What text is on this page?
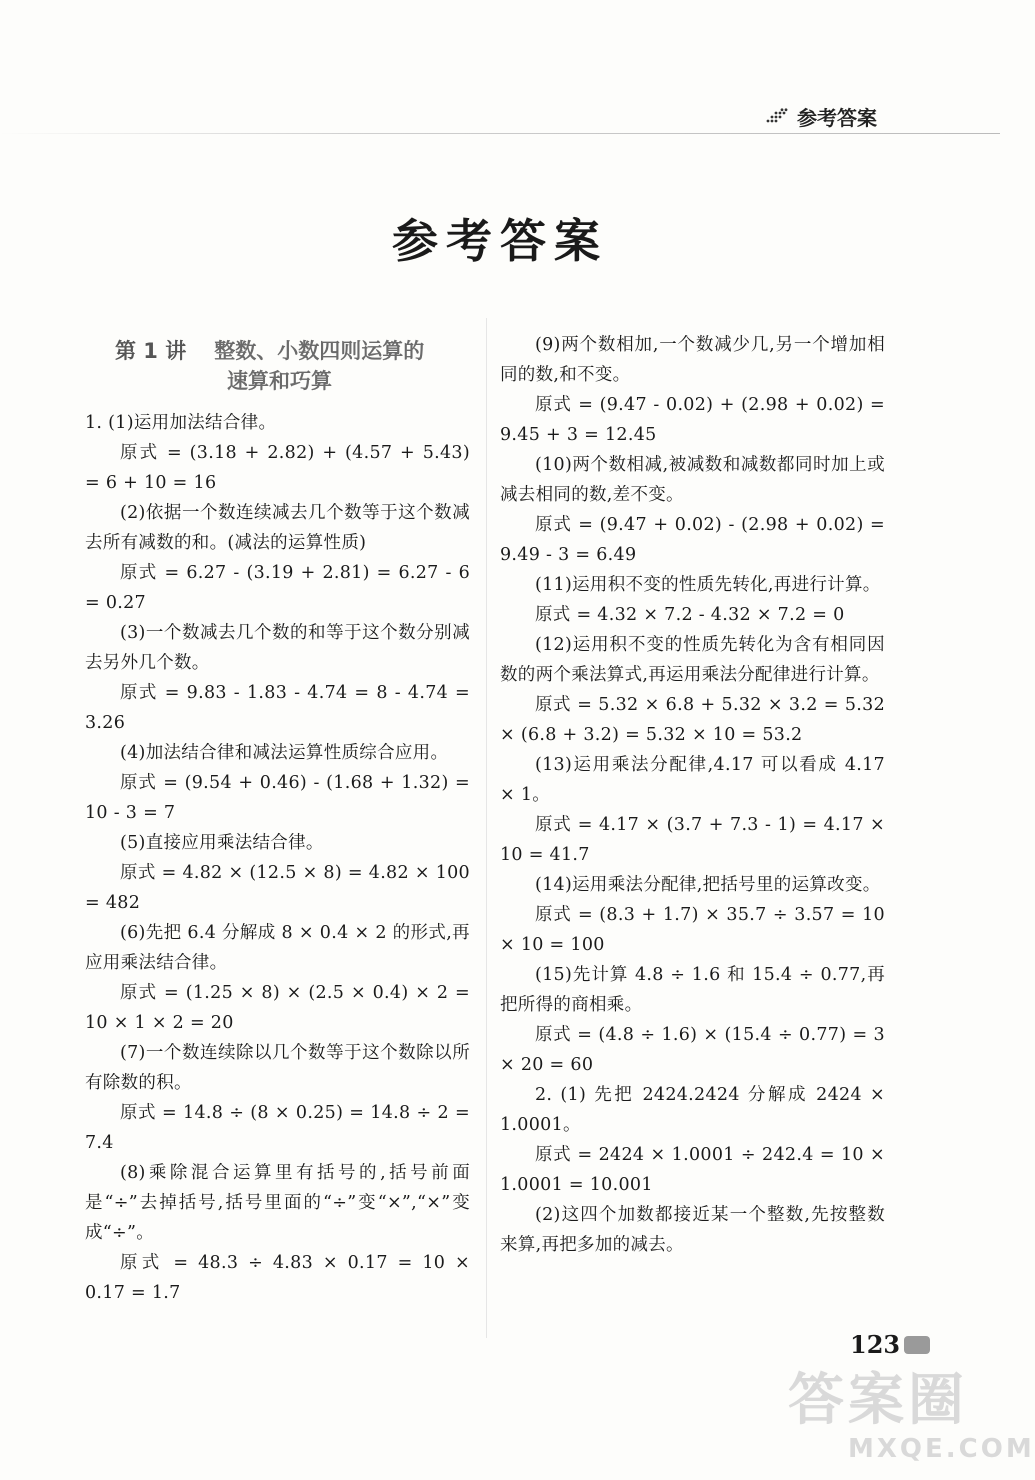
参考答案
参考答案
第 1 讲 整数、小数四则运算的
速算和巧算

1. (1)运用加法结合律。

原式 = (3.18 + 2.82) + (4.57 + 5.43) = 6 + 10 = 16

(2)依据一个数连续减去几个数等于这个数减去所有减数的和。(减法的运算性质)

原式 = 6.27 - (3.19 + 2.81) = 6.27 - 6 = 0.27

(3)一个数减去几个数的和等于这个数分别减去另外几个数。

原式 = 9.83 - 1.83 - 4.74 = 8 - 4.74 = 3.26

(4)加法结合律和减法运算性质综合应用。

原式 = (9.54 + 0.46) - (1.68 + 1.32) = 10 - 3 = 7

(5)直接应用乘法结合律。

原式 = 4.82 × (12.5 × 8) = 4.82 × 100 = 482

(6)先把 6.4 分解成 8 × 0.4 × 2 的形式,再应用乘法结合律。

原式 = (1.25 × 8) × (2.5 × 0.4) × 2 = 10 × 1 × 2 = 20

(7)一个数连续除以几个数等于这个数除以所有除数的积。

原式 = 14.8 ÷ (8 × 0.25) = 14.8 ÷ 2 = 7.4

(8)乘除混合运算里有括号的,括号前面是“÷”去掉括号,括号里面的“÷”变“×”,“×”变成“÷”。

原式 = 48.3 ÷ 4.83 × 0.17 = 10 × 0.17 = 1.7

(9)两个数相加,一个数减少几,另一个增加相同的数,和不变。

原式 = (9.47 - 0.02) + (2.98 + 0.02) = 9.45 + 3 = 12.45

(10)两个数相减,被减数和减数都同时加上或减去相同的数,差不变。

原式 = (9.47 + 0.02) - (2.98 + 0.02) = 9.49 - 3 = 6.49

(11)运用积不变的性质先转化,再进行计算。

原式 = 4.32 × 7.2 - 4.32 × 7.2 = 0

(12)运用积不变的性质先转化为含有相同因数的两个乘法算式,再运用乘法分配律进行计算。

原式 = 5.32 × 6.8 + 5.32 × 3.2 = 5.32 × (6.8 + 3.2) = 5.32 × 10 = 53.2

(13)运用乘法分配律,4.17 可以看成 4.17 × 1。

原式 = 4.17 × (3.7 + 7.3 - 1) = 4.17 × 10 = 41.7

(14)运用乘法分配律,把括号里的运算改变。

原式 = (8.3 + 1.7) × 35.7 ÷ 3.57 = 10 × 10 = 100

(15)先计算 4.8 ÷ 1.6 和 15.4 ÷ 0.77,再把所得的商相乘。

原式 = (4.8 ÷ 1.6) × (15.4 ÷ 0.77) = 3 × 20 = 60

2. (1) 先把 2424.2424 分解成 2424 × 1.0001。

原式 = 2424 × 1.0001 ÷ 242.4 = 10 × 1.0001 = 10.001

(2)这四个加数都接近某一个整数,先按整数来算,再把多加的减去。

123
答案圈
MXQE.COM
